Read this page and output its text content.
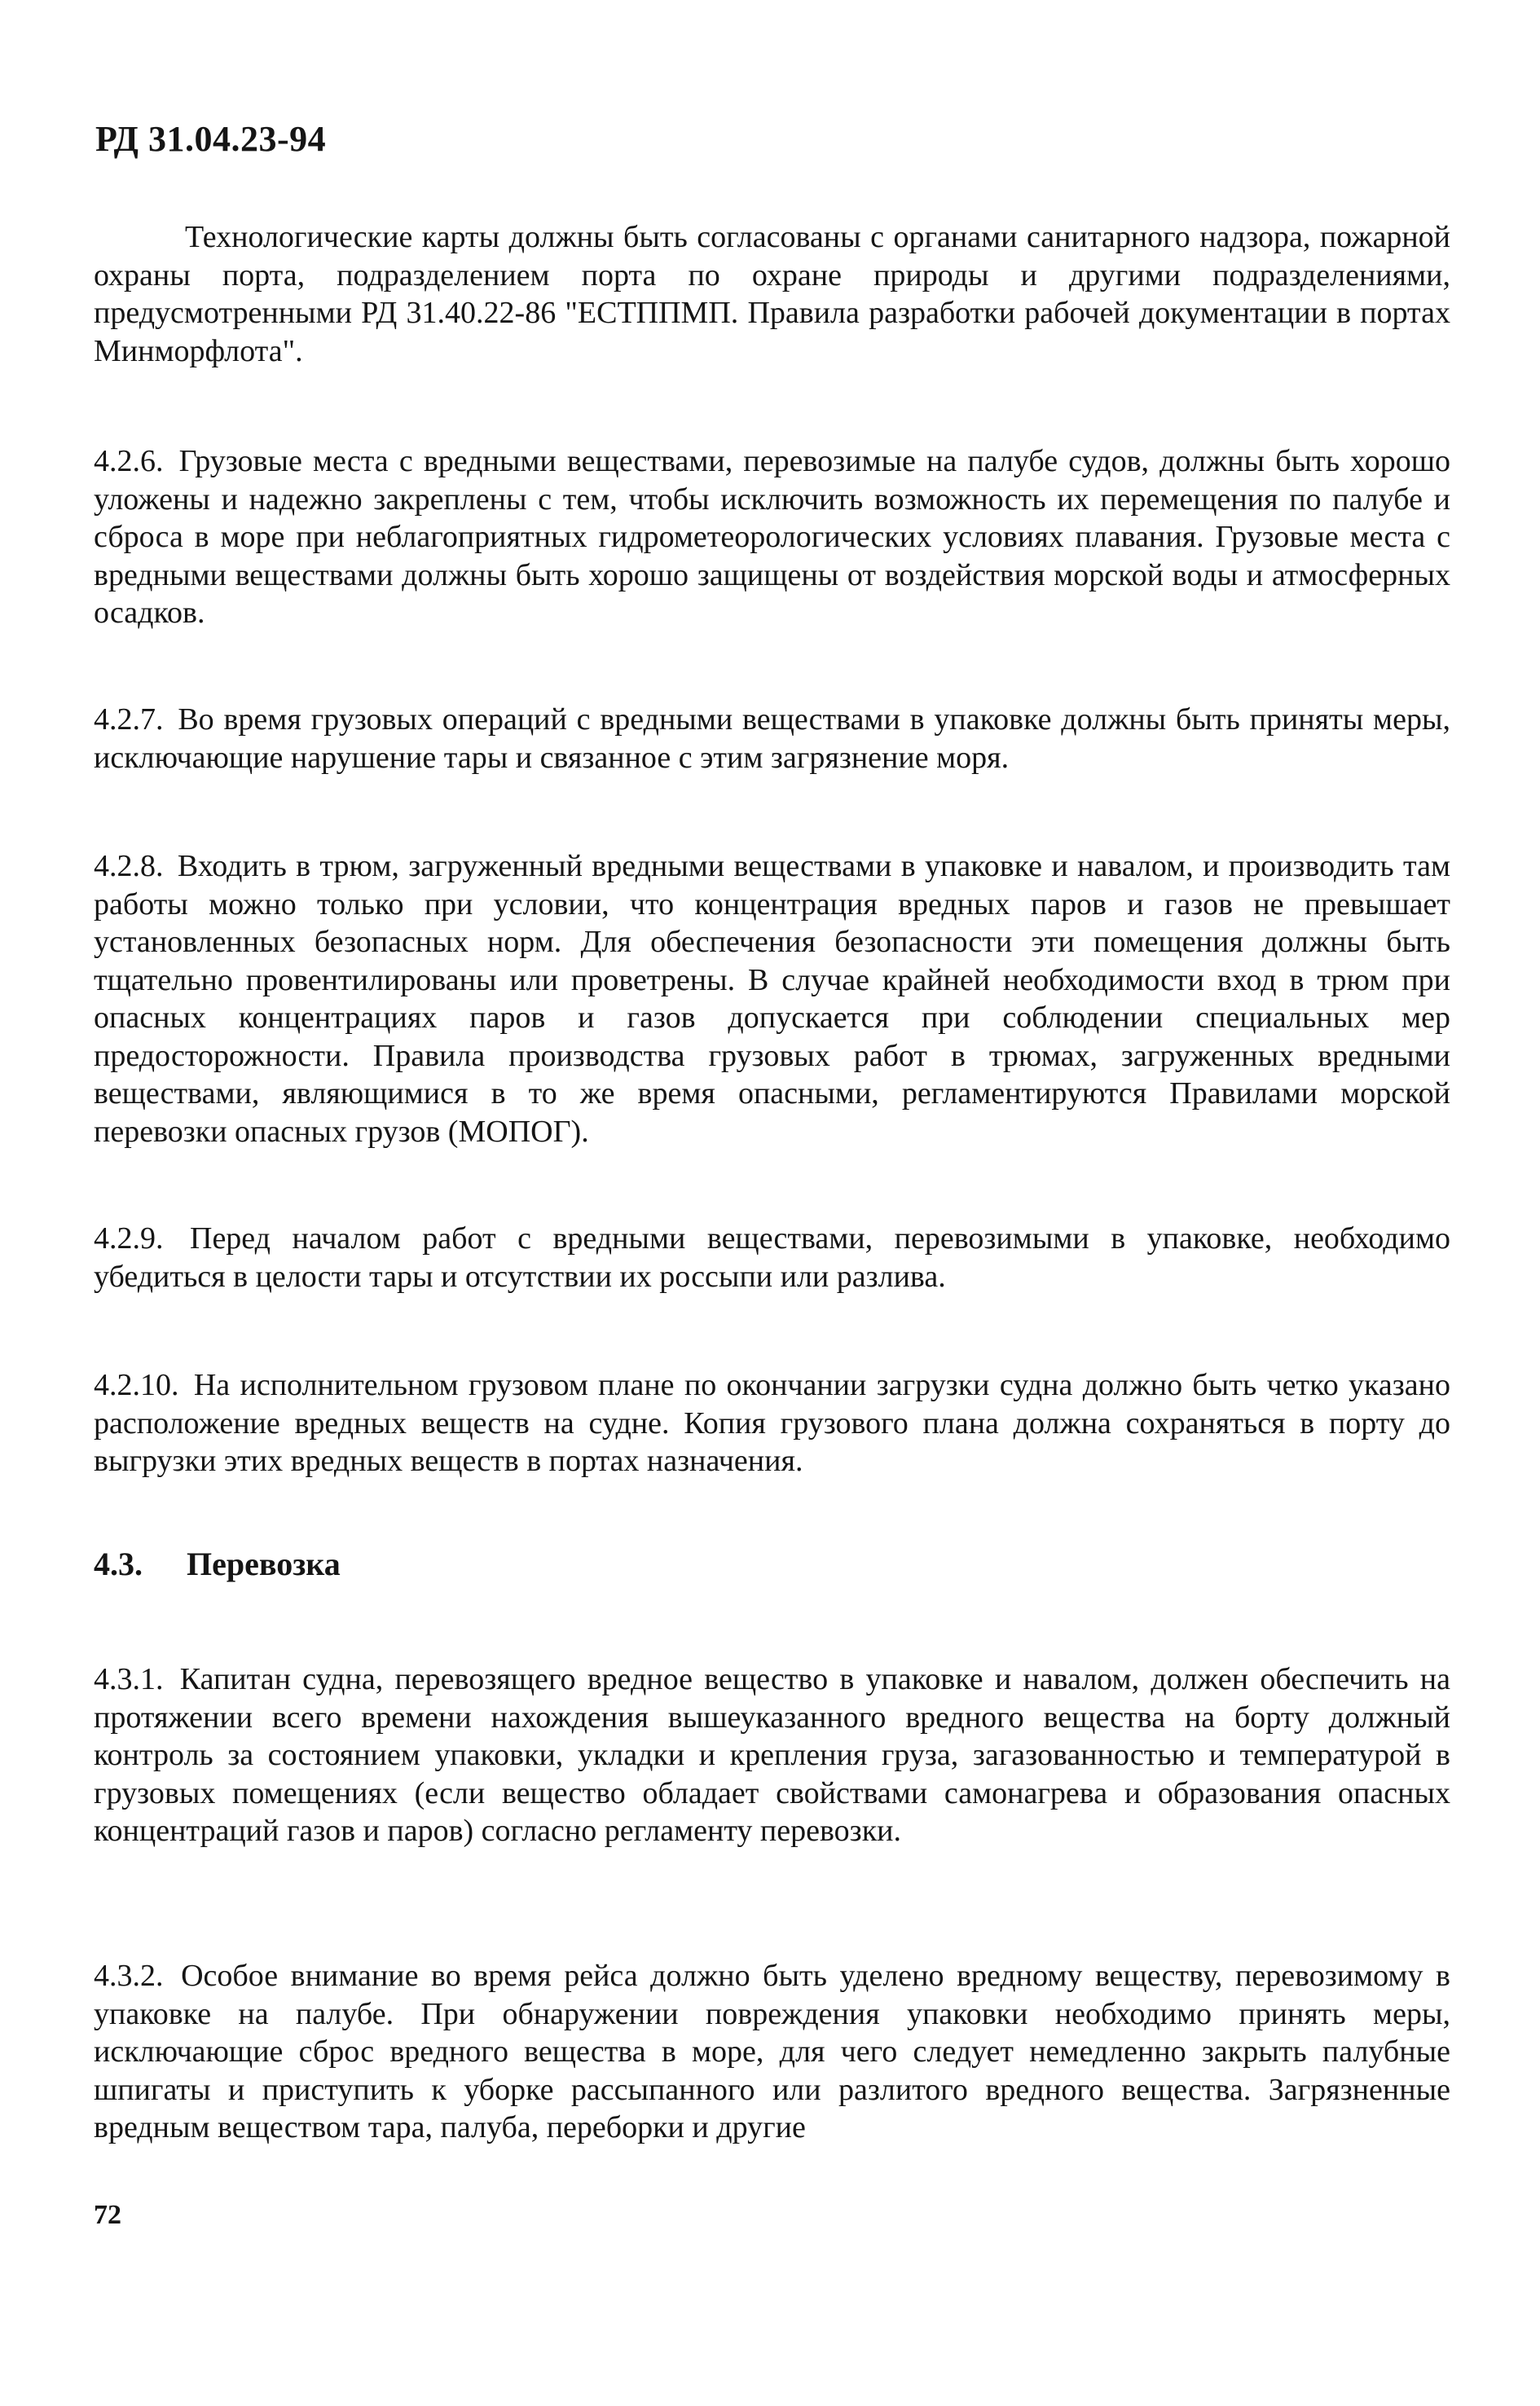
РД 31.04.23-94

Технологические карты должны быть согласованы с органами санитарного надзора, пожарной охраны порта, подразделением порта по охране природы и другими подразделениями, предусмотренными РД 31.40.22-86 "ЕСТППМП. Правила разработки рабочей документации в портах Минморфлота".

4.2.6. Грузовые места с вредными веществами, перевозимые на палубе судов, должны быть хорошо уложены и надежно закреплены с тем, чтобы исключить возможность их перемещения по палубе и сброса в море при неблагоприятных гидрометеорологических условиях плавания. Грузовые места с вредными веществами должны быть хорошо защищены от воздействия морской воды и атмосферных осадков.

4.2.7. Во время грузовых операций с вредными веществами в упаковке должны быть приняты меры, исключающие нарушение тары и связанное с этим загрязнение моря.

4.2.8. Входить в трюм, загруженный вредными веществами в упаковке и навалом, и производить там работы можно только при условии, что концентрация вредных паров и газов не превышает установленных безопасных норм. Для обеспечения безопасности эти помещения должны быть тщательно провентилированы или проветрены. В случае крайней необходимости вход в трюм при опасных концентрациях паров и газов допускается при соблюдении специальных мер предосторожности. Правила производства грузовых работ в трюмах, загруженных вредными веществами, являющимися в то же время опасными, регламентируются Правилами морской перевозки опасных грузов (МОПОГ).

4.2.9. Перед началом работ с вредными веществами, перевозимыми в упаковке, необходимо убедиться в целости тары и отсутствии их россыпи или разлива.

4.2.10. На исполнительном грузовом плане по окончании загрузки судна должно быть четко указано расположение вредных веществ на судне. Копия грузового плана должна сохраняться в порту до выгрузки этих вредных веществ в портах назначения.

4.3. Перевозка

4.3.1. Капитан судна, перевозящего вредное вещество в упаковке и навалом, должен обеспечить на протяжении всего времени нахождения вышеуказанного вредного вещества на борту должный контроль за состоянием упаковки, укладки и крепления груза, загазованностью и температурой в грузовых помещениях (если вещество обладает свойствами самонагрева и образования опасных концентраций газов и паров) согласно регламенту перевозки.

4.3.2. Особое внимание во время рейса должно быть уделено вредному веществу, перевозимому в упаковке на палубе. При обнаружении повреждения упаковки необходимо принять меры, исключающие сброс вредного вещества в море, для чего следует немедленно закрыть палубные шпигаты и приступить к уборке рассыпанного или разлитого вредного вещества. Загрязненные вредным веществом тара, палуба, переборки и другие

72
